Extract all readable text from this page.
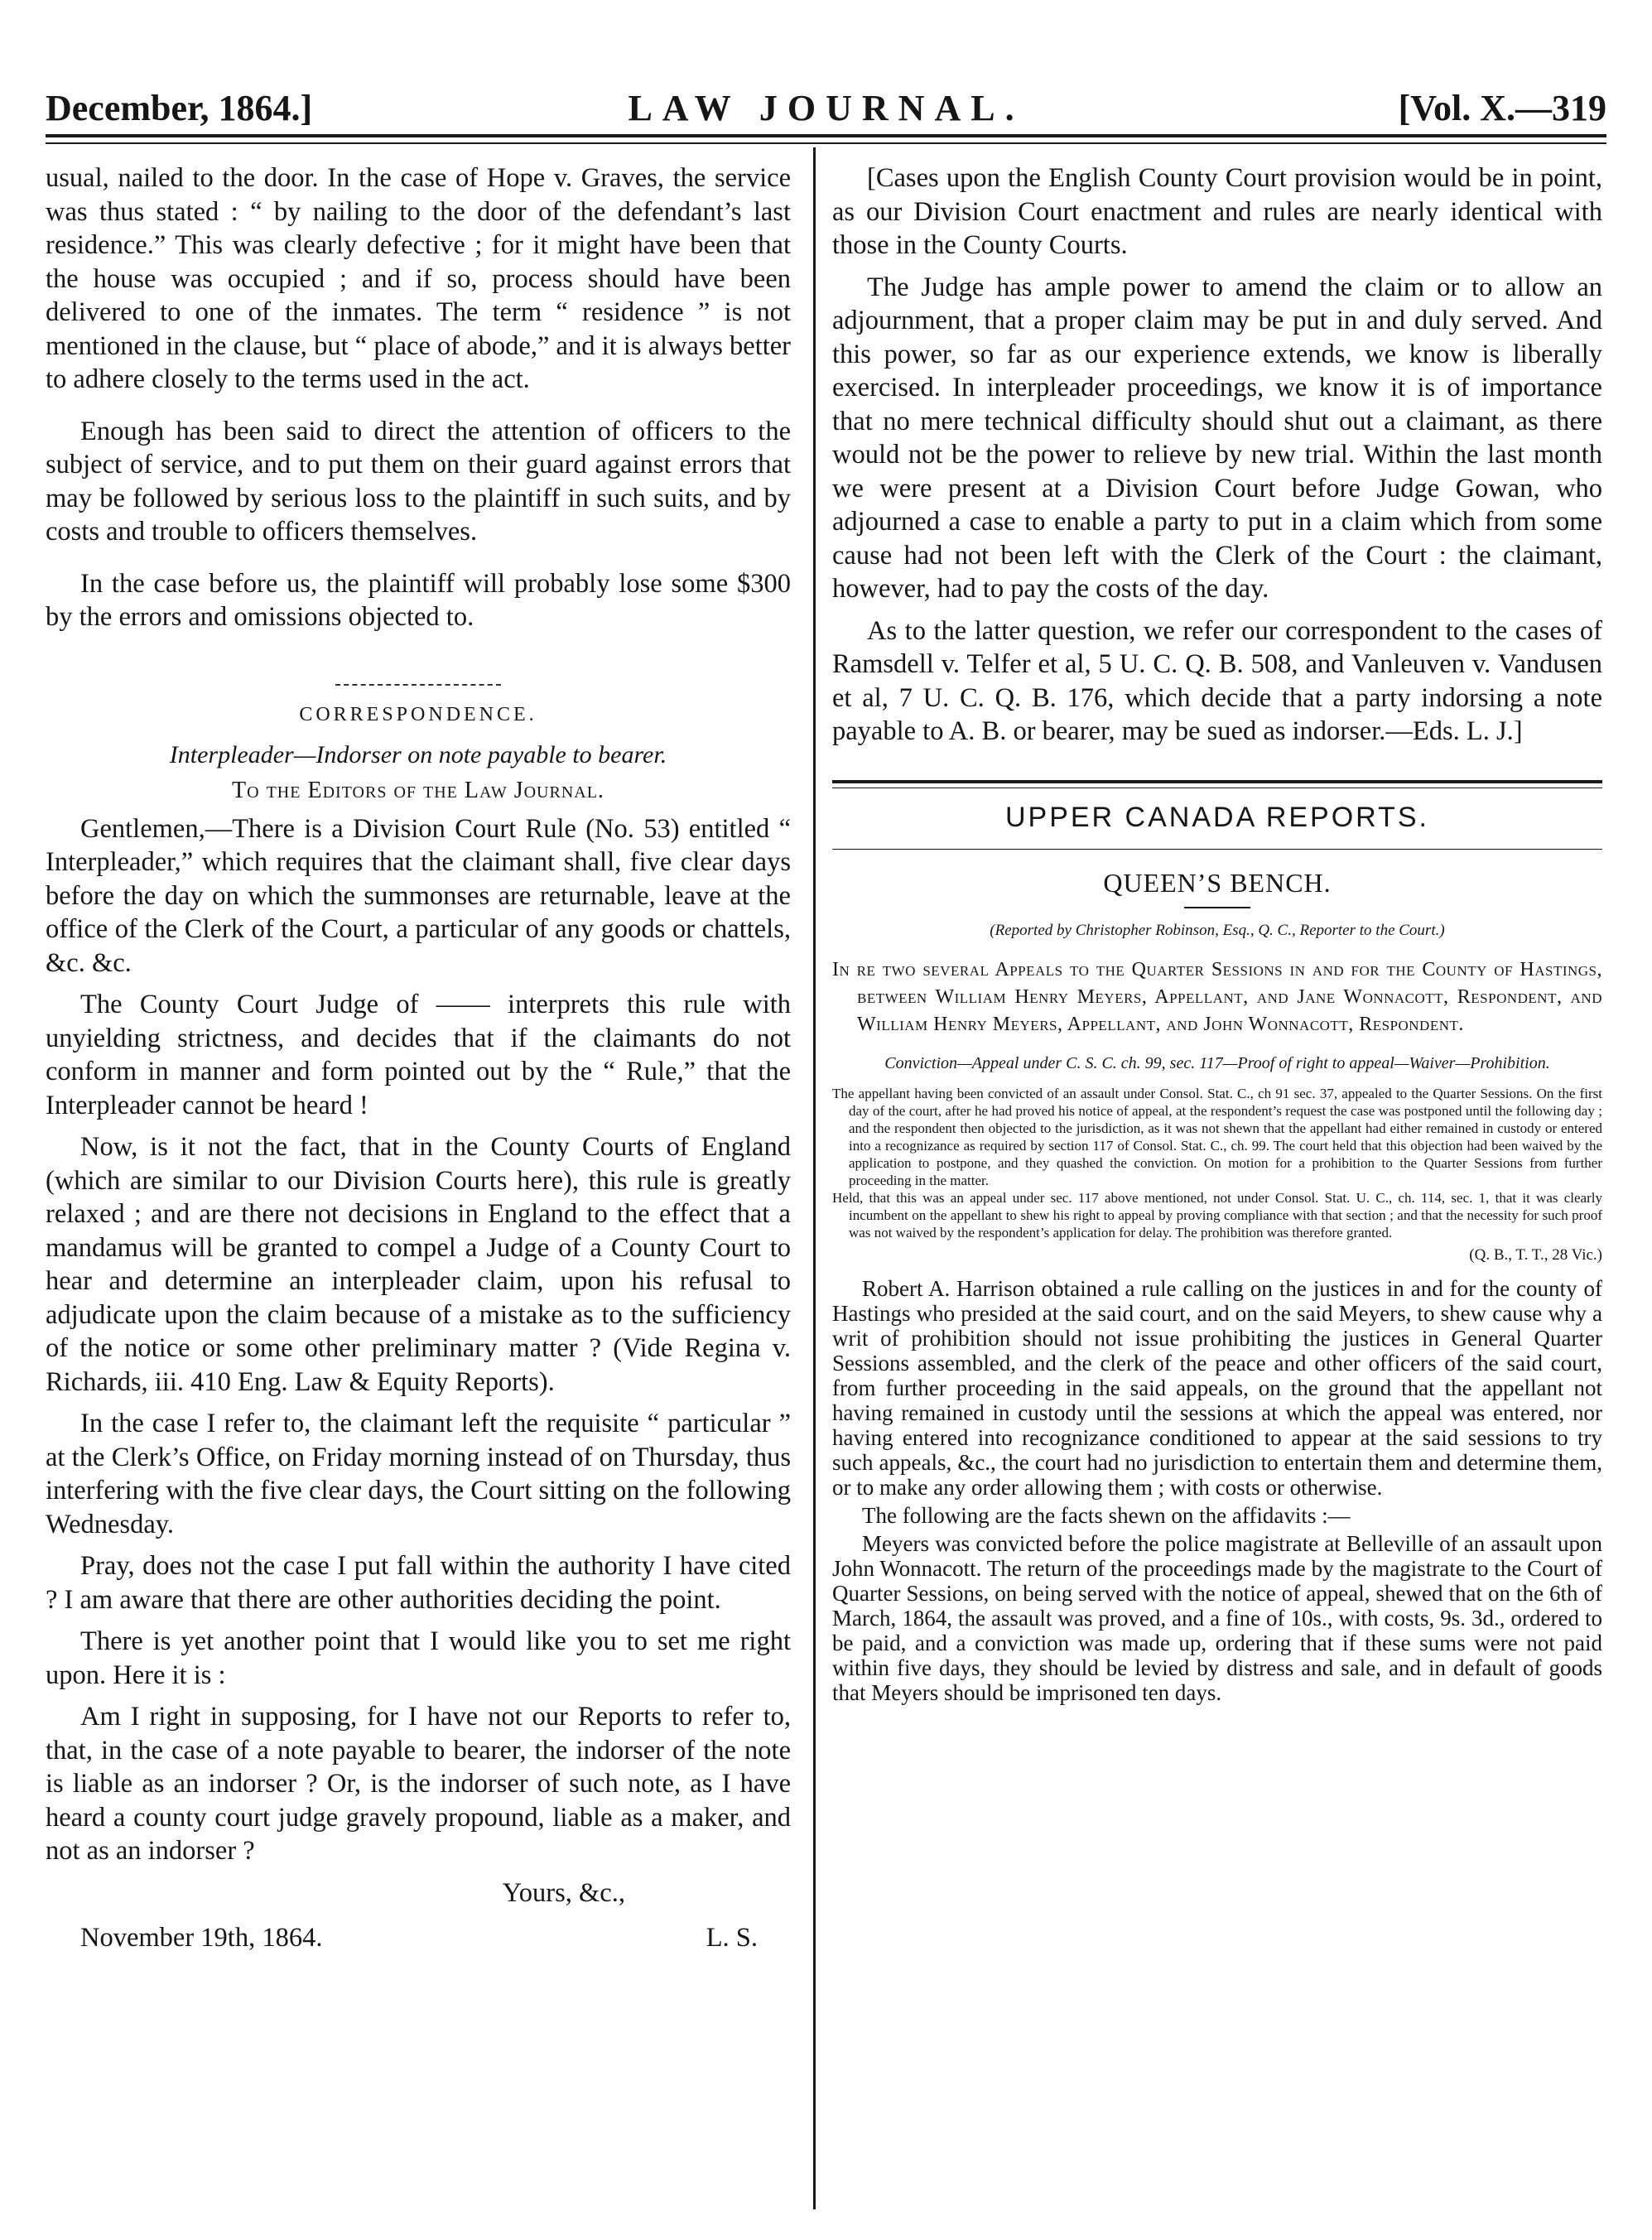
December, 1864.]	LAW JOURNAL.	[Vol. X.—319

usual, nailed to the door. In the case of Hope v. Graves, the service was thus stated : “ by nailing to the door of the defendant’s last residence.” This was clearly defective ; for it might have been that the house was occupied ; and if so, process should have been delivered to one of the inmates. The term “ residence ” is not mentioned in the clause, but “ place of abode,” and it is always better to adhere closely to the terms used in the act.

Enough has been said to direct the attention of officers to the subject of service, and to put them on their guard against errors that may be followed by serious loss to the plaintiff in such suits, and by costs and trouble to officers themselves.

In the case before us, the plaintiff will probably lose some $300 by the errors and omissions objected to.

CORRESPONDENCE.
Interpleader—Indorser on note payable to bearer.
To the Editors of the Law Journal.

Gentlemen,—There is a Division Court Rule (No. 53) entitled “ Interpleader,” which requires that the claimant shall, five clear days before the day on which the summonses are returnable, leave at the office of the Clerk of the Court, a particular of any goods or chattels, &c. &c.

The County Court Judge of —— interprets this rule with unyielding strictness, and decides that if the claimants do not conform in manner and form pointed out by the “ Rule,” that the Interpleader cannot be heard !

Now, is it not the fact, that in the County Courts of England (which are similar to our Division Courts here), this rule is greatly relaxed ; and are there not decisions in England to the effect that a mandamus will be granted to compel a Judge of a County Court to hear and determine an interpleader claim, upon his refusal to adjudicate upon the claim because of a mistake as to the sufficiency of the notice or some other preliminary matter ? (Vide Regina v. Richards, iii. 410 Eng. Law & Equity Reports).

In the case I refer to, the claimant left the requisite “ particular ” at the Clerk’s Office, on Friday morning instead of on Thursday, thus interfering with the five clear days, the Court sitting on the following Wednesday.

Pray, does not the case I put fall within the authority I have cited ? I am aware that there are other authorities deciding the point.

There is yet another point that I would like you to set me right upon. Here it is :

Am I right in supposing, for I have not our Reports to refer to, that, in the case of a note payable to bearer, the indorser of the note is liable as an indorser ? Or, is the indorser of such note, as I have heard a county court judge gravely propound, liable as a maker, and not as an indorser ?

Yours, &c.,

November 19th, 1864.	L. S.

[Cases upon the English County Court provision would be in point, as our Division Court enactment and rules are nearly identical with those in the County Courts.

The Judge has ample power to amend the claim or to allow an adjournment, that a proper claim may be put in and duly served. And this power, so far as our experience extends, we know is liberally exercised. In interpleader proceedings, we know it is of importance that no mere technical difficulty should shut out a claimant, as there would not be the power to relieve by new trial. Within the last month we were present at a Division Court before Judge Gowan, who adjourned a case to enable a party to put in a claim which from some cause had not been left with the Clerk of the Court : the claimant, however, had to pay the costs of the day.

As to the latter question, we refer our correspondent to the cases of Ramsdell v. Telfer et al, 5 U. C. Q. B. 508, and Vanleuven v. Vandusen et al, 7 U. C. Q. B. 176, which decide that a party indorsing a note payable to A. B. or bearer, may be sued as indorser.—Eds. L. J.]

UPPER CANADA REPORTS.
QUEEN’S BENCH.
(Reported by Christopher Robinson, Esq., Q. C., Reporter to the Court.)

In re two several Appeals to the Quarter Sessions in and for the County of Hastings, between William Henry Meyers, Appellant, and Jane Wonnacott, Respondent, and William Henry Meyers, Appellant, and John Wonnacott, Respondent.

Conviction—Appeal under C. S. C. ch. 99, sec. 117—Proof of right to appeal—Waiver—Prohibition.

The appellant having been convicted of an assault under Consol. Stat. C., ch 91 sec. 37, appealed to the Quarter Sessions. On the first day of the court, after he had proved his notice of appeal, at the respondent’s request the case was postponed until the following day ; and the respondent then objected to the jurisdiction, as it was not shewn that the appellant had either remained in custody or entered into a recognizance as required by section 117 of Consol. Stat. C., ch. 99. The court held that this objection had been waived by the application to postpone, and they quashed the conviction. On motion for a prohibition to the Quarter Sessions from further proceeding in the matter.

Held, that this was an appeal under sec. 117 above mentioned, not under Consol. Stat. U. C., ch. 114, sec. 1, that it was clearly incumbent on the appellant to shew his right to appeal by proving compliance with that section ; and that the necessity for such proof was not waived by the respondent’s application for delay. The prohibition was therefore granted.

(Q. B., T. T., 28 Vic.)

Robert A. Harrison obtained a rule calling on the justices in and for the county of Hastings who presided at the said court, and on the said Meyers, to shew cause why a writ of prohibition should not issue prohibiting the justices in General Quarter Sessions assembled, and the clerk of the peace and other officers of the said court, from further proceeding in the said appeals, on the ground that the appellant not having remained in custody until the sessions at which the appeal was entered, nor having entered into recognizance conditioned to appear at the said sessions to try such appeals, &c., the court had no jurisdiction to entertain them and determine them, or to make any order allowing them ; with costs or otherwise.

The following are the facts shewn on the affidavits :—

Meyers was convicted before the police magistrate at Belleville of an assault upon John Wonnacott. The return of the proceedings made by the magistrate to the Court of Quarter Sessions, on being served with the notice of appeal, shewed that on the 6th of March, 1864, the assault was proved, and a fine of 10s., with costs, 9s. 3d., ordered to be paid, and a conviction was made up, ordering that if these sums were not paid within five days, they should be levied by distress and sale, and in default of goods that Meyers should be imprisoned ten days.
